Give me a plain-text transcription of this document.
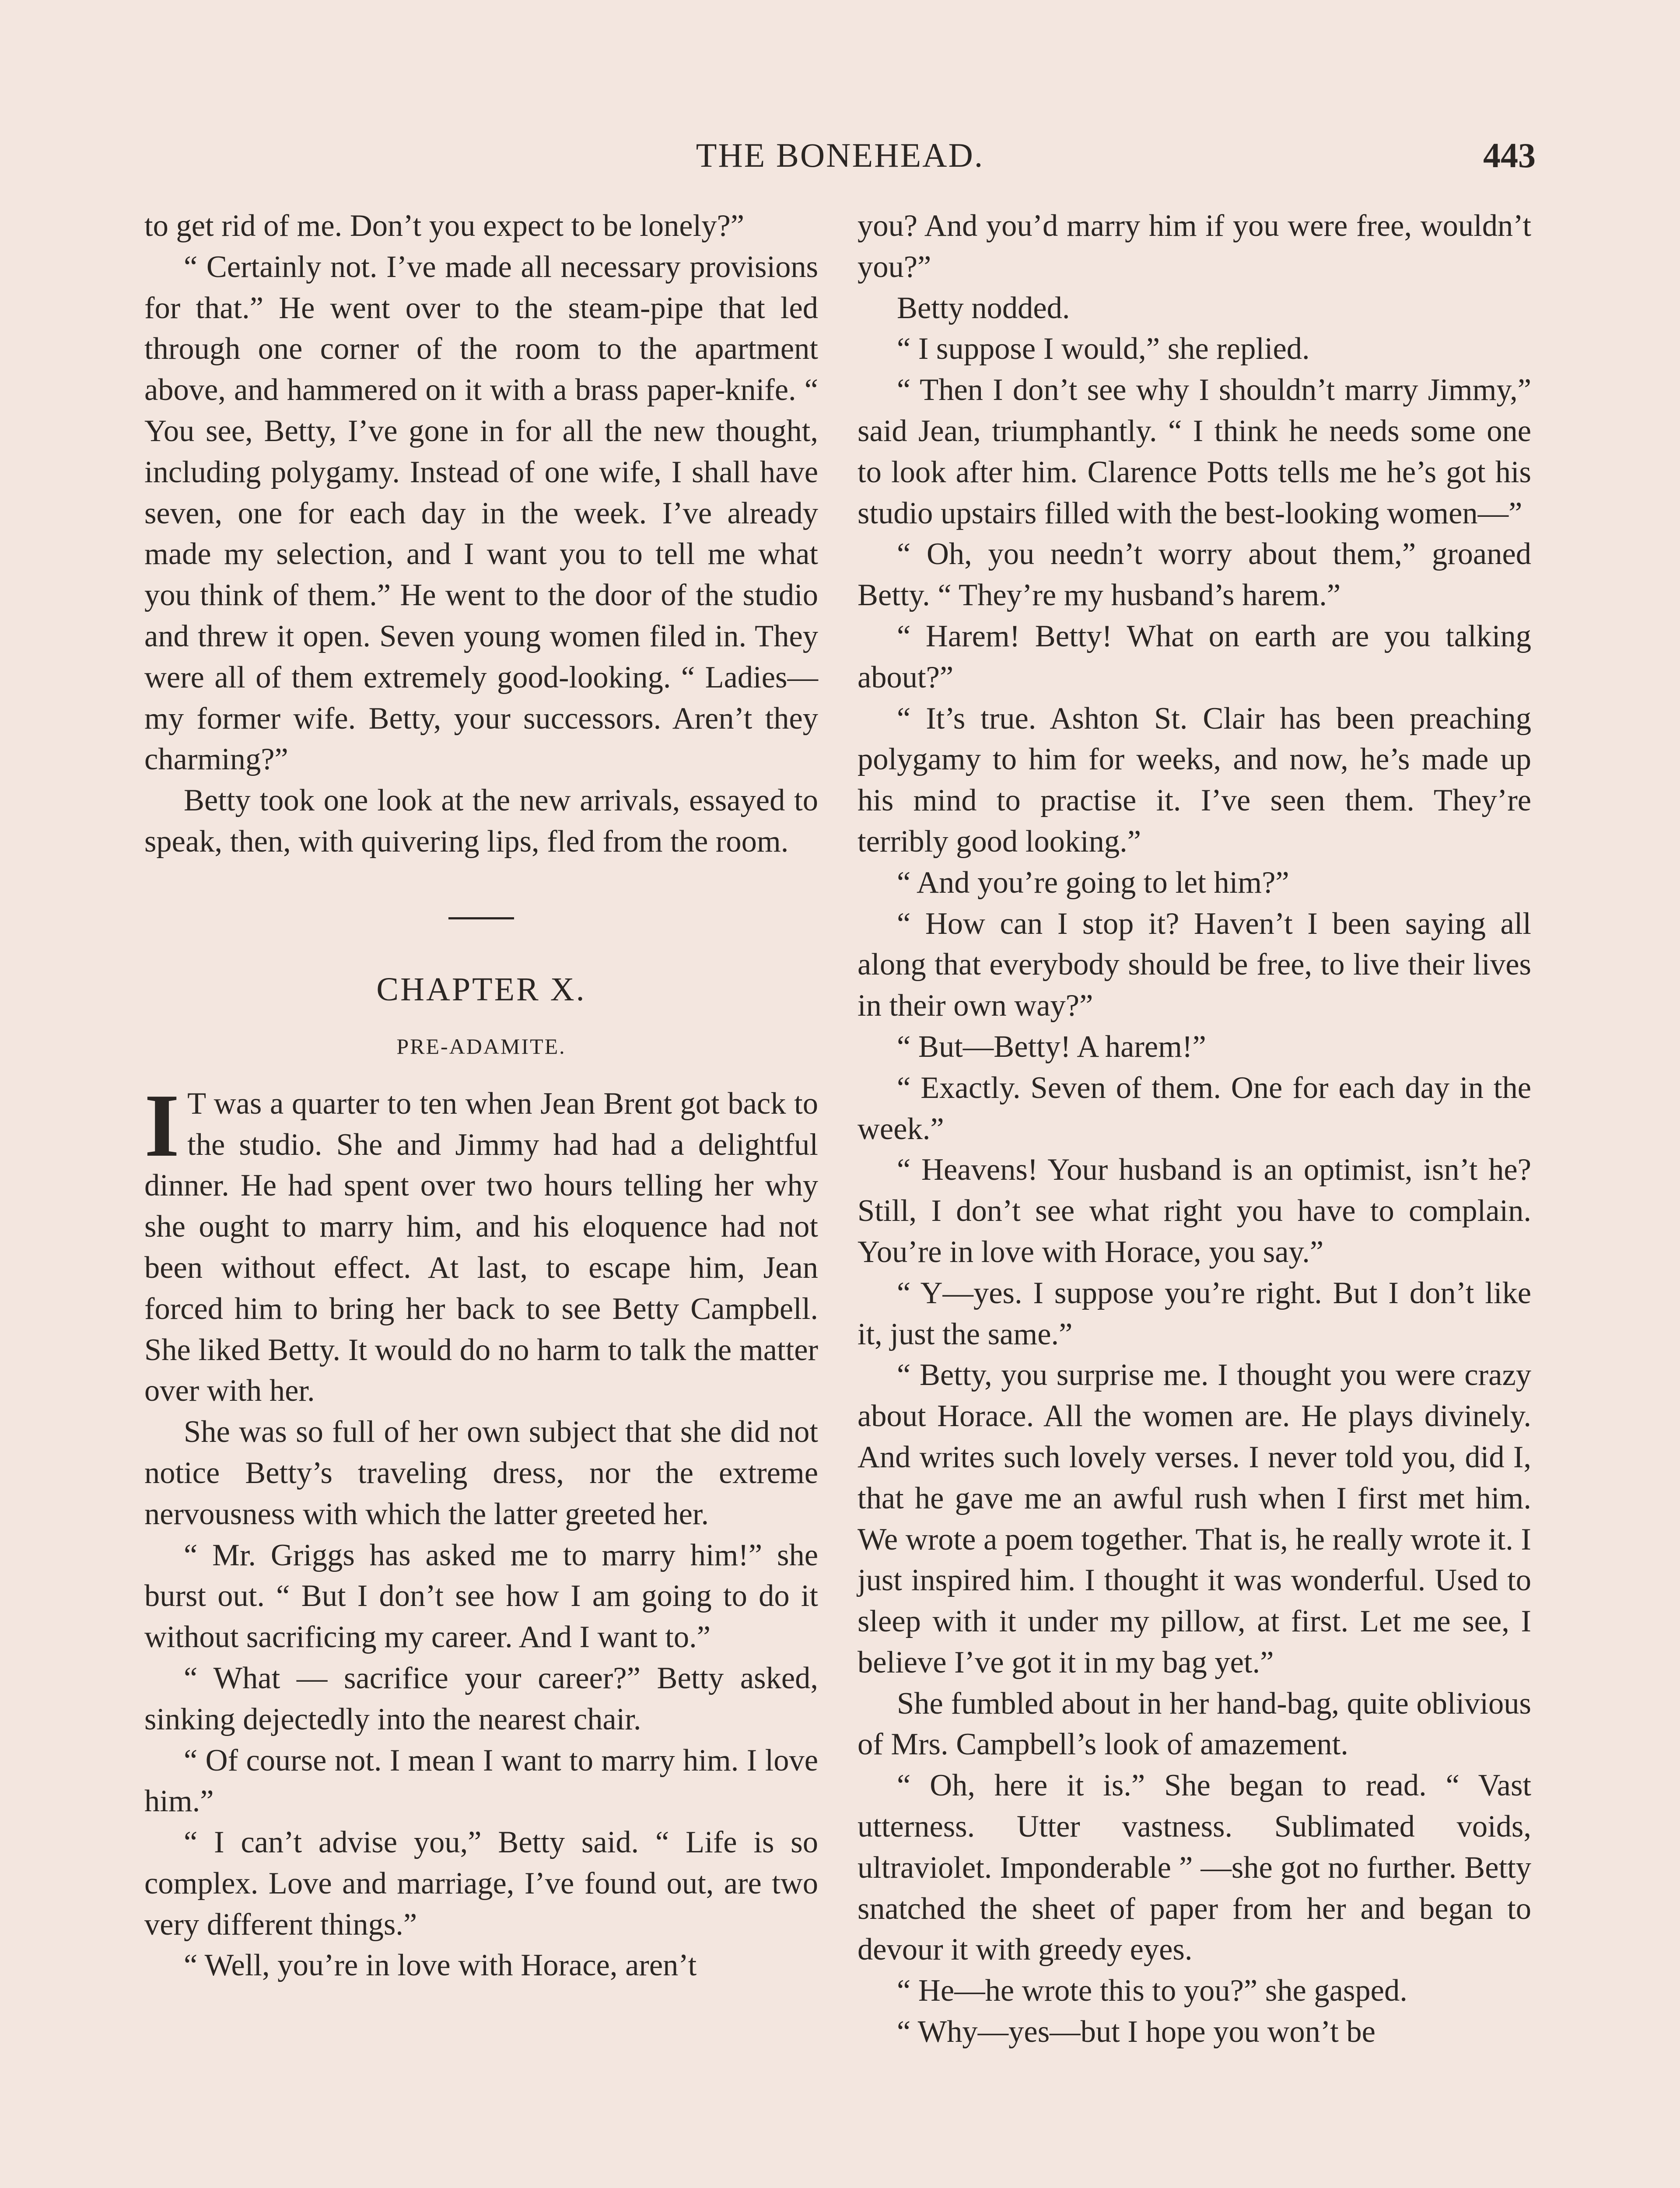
THE BONEHEAD.	443

to get rid of me. Don’t you expect to be lonely?”

“ Certainly not. I’ve made all necessary provisions for that.” He went over to the steam-pipe that led through one corner of the room to the apartment above, and hammered on it with a brass paper-knife. “ You see, Betty, I’ve gone in for all the new thought, including polygamy. Instead of one wife, I shall have seven, one for each day in the week. I’ve already made my selection, and I want you to tell me what you think of them.” He went to the door of the studio and threw it open. Seven young women filed in. They were all of them extremely good-looking. “ Ladies— my former wife. Betty, your successors. Aren’t they charming?”

Betty took one look at the new arrivals, essayed to speak, then, with quivering lips, fled from the room.

CHAPTER X.
PRE-ADAMITE.

I T was a quarter to ten when Jean Brent got back to the studio. She and Jimmy had had a delightful dinner. He had spent over two hours telling her why she ought to marry him, and his eloquence had not been without effect. At last, to escape him, Jean forced him to bring her back to see Betty Campbell. She liked Betty. It would do no harm to talk the matter over with her.

She was so full of her own subject that she did not notice Betty’s traveling dress, nor the extreme nervousness with which the latter greeted her.

“ Mr. Griggs has asked me to marry him!” she burst out. “ But I don’t see how I am going to do it without sacrificing my career. And I want to.”

“ What — sacrifice your career?” Betty asked, sinking dejectedly into the nearest chair.

“ Of course not. I mean I want to marry him. I love him.”

“ I can’t advise you,” Betty said. “ Life is so complex. Love and marriage, I’ve found out, are two very different things.”

“ Well, you’re in love with Horace, aren’t

you? And you’d marry him if you were free, wouldn’t you?”

Betty nodded.

“ I suppose I would,” she replied.

“ Then I don’t see why I shouldn’t marry Jimmy,” said Jean, triumphantly. “ I think he needs some one to look after him. Clarence Potts tells me he’s got his studio upstairs filled with the best-looking women—”

“ Oh, you needn’t worry about them,” groaned Betty. “ They’re my husband’s harem.”

“ Harem! Betty! What on earth are you talking about?”

“ It’s true. Ashton St. Clair has been preaching polygamy to him for weeks, and now, he’s made up his mind to practise it. I’ve seen them. They’re terribly good looking.”

“ And you’re going to let him?”

“ How can I stop it? Haven’t I been saying all along that everybody should be free, to live their lives in their own way?”

“ But—Betty! A harem!”

“ Exactly. Seven of them. One for each day in the week.”

“ Heavens! Your husband is an optimist, isn’t he? Still, I don’t see what right you have to complain. You’re in love with Horace, you say.”

“ Y—yes. I suppose you’re right. But I don’t like it, just the same.”

“ Betty, you surprise me. I thought you were crazy about Horace. All the women are. He plays divinely. And writes such lovely verses. I never told you, did I, that he gave me an awful rush when I first met him. We wrote a poem together. That is, he really wrote it. I just inspired him. I thought it was wonderful. Used to sleep with it under my pillow, at first. Let me see, I believe I’ve got it in my bag yet.”

She fumbled about in her hand-bag, quite oblivious of Mrs. Campbell’s look of amazement.

“ Oh, here it is.” She began to read. “ Vast utterness. Utter vastness. Sublimated voids, ultraviolet. Imponderable ” —she got no further. Betty snatched the sheet of paper from her and began to devour it with greedy eyes.

“ He—he wrote this to you?” she gasped.

“ Why—yes—but I hope you won’t be
